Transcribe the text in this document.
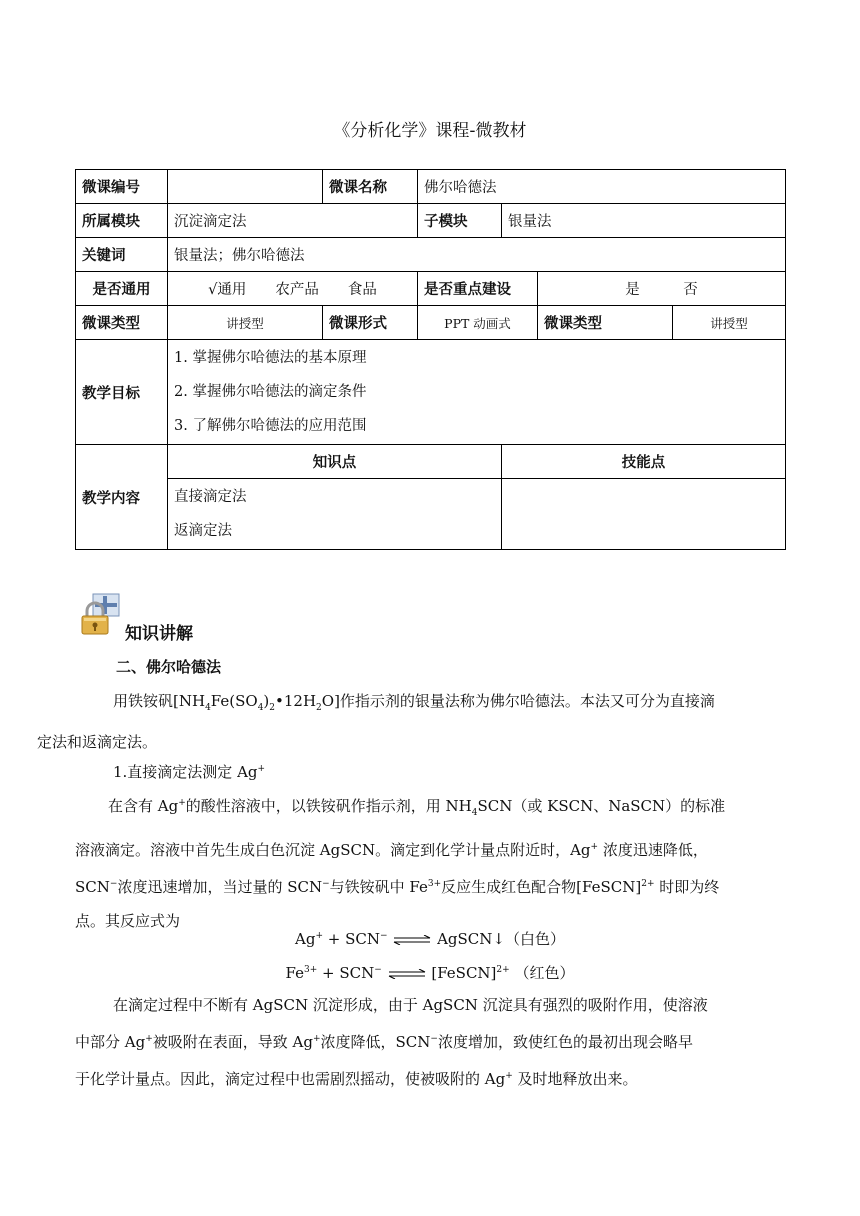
《分析化学》课程-微教材
微课编号		微课名称	佛尔哈德法			
所属模块	沉淀滴定法		子模块	银量法		
关键词	银量法；佛尔哈德法					
是否通用	√通用　　农产品　　食品		是否重点建设		是　　　否	
微课类型	讲授型	微课形式	PPT 动画式		微课类型	讲授型
教学目标	1. 掌握佛尔哈德法的基本原理
2. 掌握佛尔哈德法的滴定条件
3. 了解佛尔哈德法的应用范围					

教学内容	知识点			技能点		

	直接滴定法
返滴定法					

知识讲解
二、佛尔哈德法
用铁铵矾$[NH_4Fe(SO_4)_2•12H_2O]$作指示剂的银量法称为佛尔哈德法。本法又可分为直接滴
定法和返滴定法。
1.直接滴定法测定 Ag+
在含有 Ag+的酸性溶液中，以铁铵矾作指示剂，用 $NH_4SCN$（或 KSCN、NaSCN）的标准
溶液滴定。溶液中首先生成白色沉淀 AgSCN。滴定到化学计量点附近时，Ag+ 浓度迅速降低，
SCN−浓度迅速增加，当过量的 SCN−与铁铵矾中 $Fe^{3+}$反应生成红色配合物[FeSCN]$^{2+}$ 时即为终
点。其反应式为
Ag+ + SCN− ⇌ AgSCN↓（白色）
$Fe^{3+} + SCN^-$ ⇌ [FeSCN]$^{2+}$ （红色）
在滴定过程中不断有 AgSCN 沉淀形成，由于 AgSCN 沉淀具有强烈的吸附作用，使溶液
中部分 Ag+被吸附在表面，导致 Ag+浓度降低，SCN−浓度增加，致使红色的最初出现会略早
于化学计量点。因此，滴定过程中也需剧烈摇动，使被吸附的 Ag+ 及时地释放出来。
